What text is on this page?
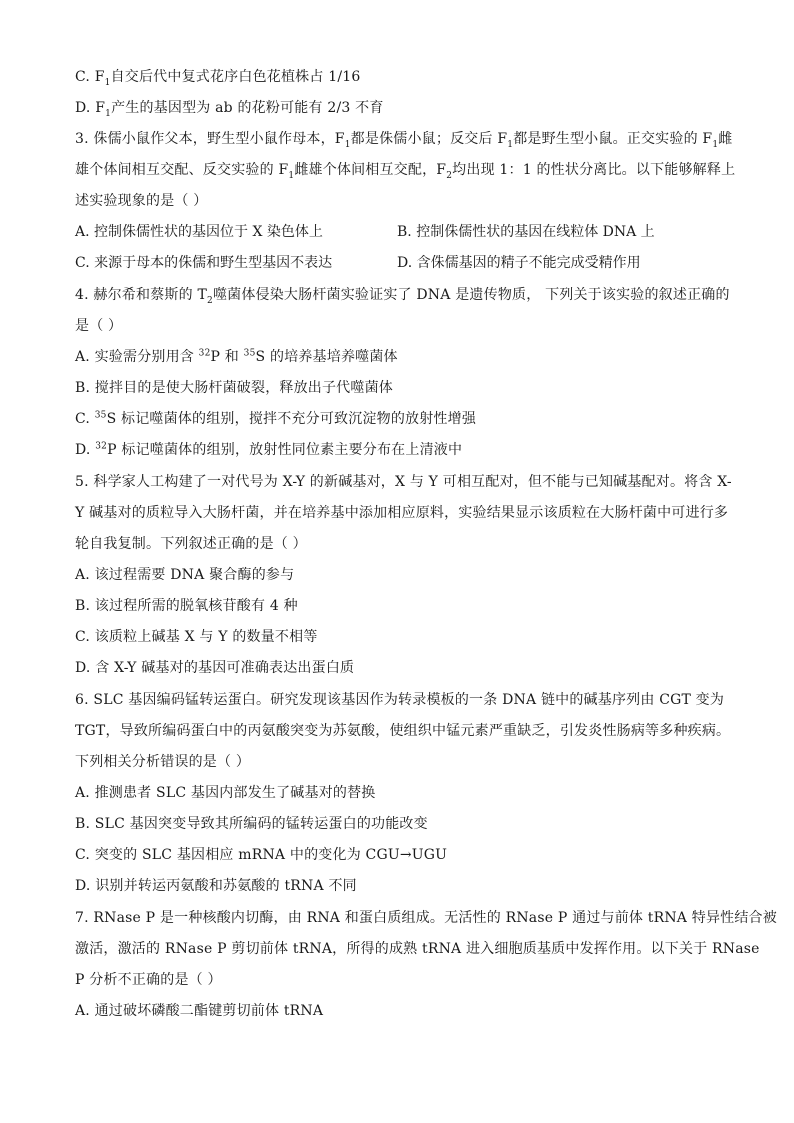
C. $F_1$自交后代中复式花序白色花植株占 1/16
D. $F_1$产生的基因型为 ab 的花粉可能有 2/3 不育
3. 侏儒小鼠作父本，野生型小鼠作母本，$F_1$都是侏儒小鼠；反交后 $F_1$都是野生型小鼠。正交实验的 $F_1$雌
雄个体间相互交配、反交实验的 $F_1$雌雄个体间相互交配，$F_2$均出现 1：1 的性状分离比。以下能够解释上
述实验现象的是（ ）
A. 控制侏儒性状的基因位于 X 染色体上	B. 控制侏儒性状的基因在线粒体 DNA 上
C. 来源于母本的侏儒和野生型基因不表达	D. 含侏儒基因的精子不能完成受精作用
4. 赫尔希和蔡斯的 $T_2$噬菌体侵染大肠杆菌实验证实了 DNA 是遗传物质， 下列关于该实验的叙述正确的
是（ ）
A. 实验需分别用含 $^{32}$P 和 $^{35}$S 的培养基培养噬菌体
B. 搅拌目的是使大肠杆菌破裂，释放出子代噬菌体
C. $^{35}$S 标记噬菌体的组别，搅拌不充分可致沉淀物的放射性增强
D. $^{32}$P 标记噬菌体的组别，放射性同位素主要分布在上清液中
5. 科学家人工构建了一对代号为 X-Y 的新碱基对，X 与 Y 可相互配对，但不能与已知碱基配对。将含 X-
Y 碱基对的质粒导入大肠杆菌，并在培养基中添加相应原料，实验结果显示该质粒在大肠杆菌中可进行多
轮自我复制。下列叙述正确的是（ ）
A. 该过程需要 DNA 聚合酶的参与
B. 该过程所需的脱氧核苷酸有 4 种
C. 该质粒上碱基 X 与 Y 的数量不相等
D. 含 X-Y 碱基对的基因可准确表达出蛋白质
6. SLC 基因编码锰转运蛋白。研究发现该基因作为转录模板的一条 DNA 链中的碱基序列由 CGT 变为
TGT，导致所编码蛋白中的丙氨酸突变为苏氨酸，使组织中锰元素严重缺乏，引发炎性肠病等多种疾病。
下列相关分析错误的是（ ）
A. 推测患者 SLC 基因内部发生了碱基对的替换
B. SLC 基因突变导致其所编码的锰转运蛋白的功能改变
C. 突变的 SLC 基因相应 mRNA 中的变化为 CGU→UGU
D. 识别并转运丙氨酸和苏氨酸的 tRNA 不同
7. RNase P 是一种核酸内切酶，由 RNA 和蛋白质组成。无活性的 RNase P 通过与前体 tRNA 特异性结合被
激活，激活的 RNase P 剪切前体 tRNA，所得的成熟 tRNA 进入细胞质基质中发挥作用。以下关于 RNase
P 分析不正确的是（ ）
A. 通过破坏磷酸二酯键剪切前体 tRNA
